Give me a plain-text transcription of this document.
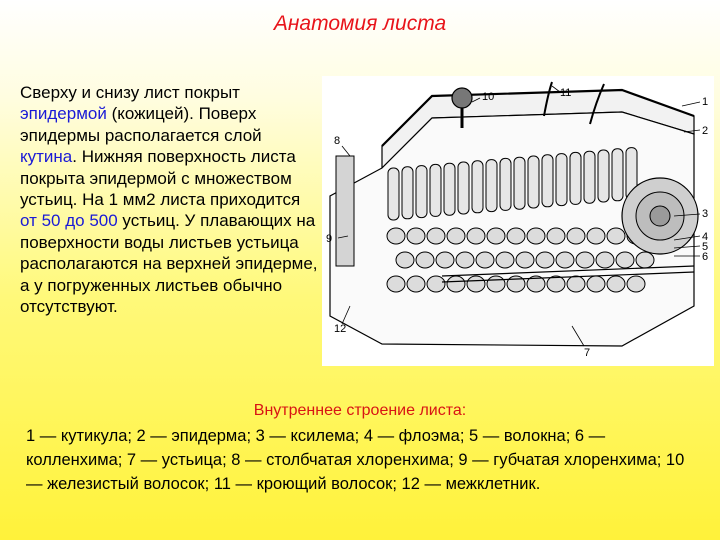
Анатомия листа
Сверху и снизу лист покрыт эпидермой (кожицей). Поверх эпидермы располагается слой кутина. Нижняя поверхность листа покрыта эпидермой с множеством устьиц. На 1 мм2 листа приходится от 50 до 500 устьиц. У плавающих на поверхности воды листьев устьица располагаются на верхней эпидерме, а у погруженных листьев обычно отсутствуют.
1
2
3
4
5
6
7
8
9
10	11
12
Внутреннее строение листа:
1 — кутикула; 2 — эпидерма; 3 — ксилема; 4 — флоэма; 5 — волокна; 6 — колленхима; 7 — устьица; 8 — столбчатая хлоренхима; 9 — губчатая хлоренхима; 10 — железистый волосок; 11 — кроющий волосок; 12 — межклетник.
